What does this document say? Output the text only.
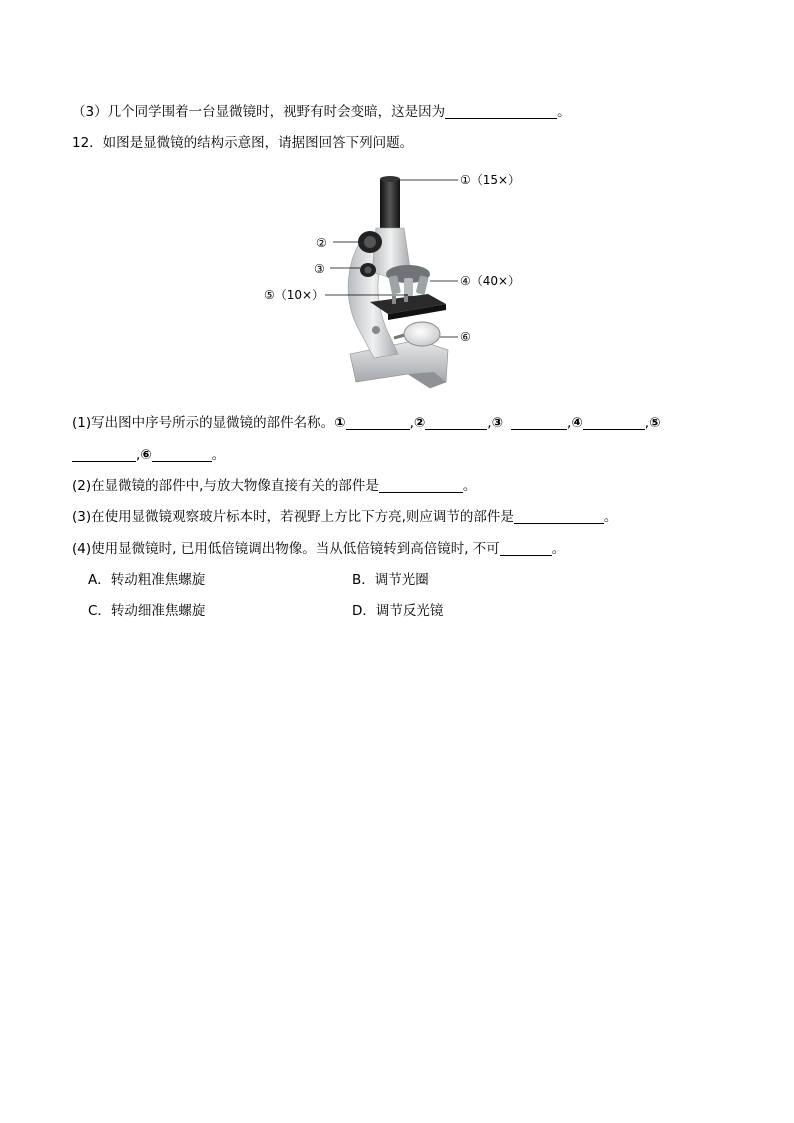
（3）几个同学围着一台显微镜时，视野有时会变暗，这是因为	。
12．如图是显微镜的结构示意图，请据图回答下列问题。
①（15×）
②
③
④（40×）
⑤（10×）
⑥
(1)写出图中序号所示的显微镜的部件名称。①	,②	,③	,④	,⑤
,⑥	。
(2)在显微镜的部件中,与放大物像直接有关的部件是	。
(3)在使用显微镜观察玻片标本时，若视野上方比下方亮,则应调节的部件是	。
(4)使用显微镜时, 已用低倍镜调出物像。当从低倍镜转到高倍镜时, 不可	。
A．转动粗准焦螺旋	B．调节光圈
C．转动细准焦螺旋	D．调节反光镜
